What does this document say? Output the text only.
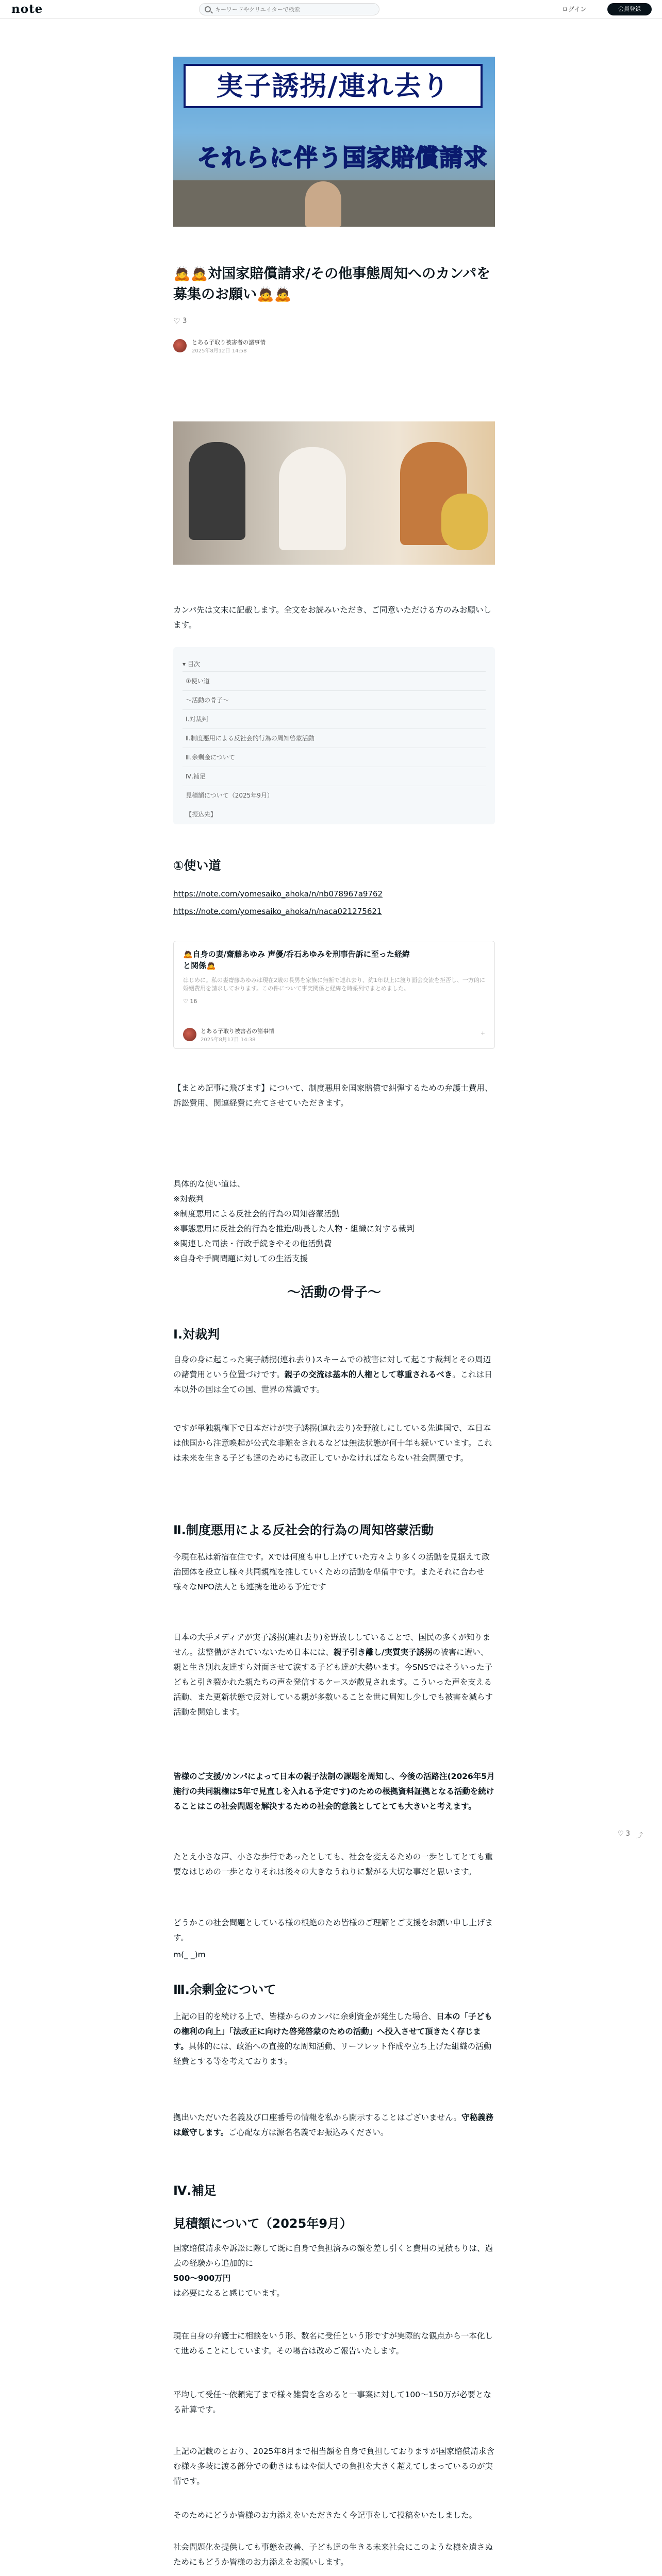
note
キーワードやクリエイターで検索	ログイン	会員登録
実子誘拐/連れ去り
それらに伴う国家賠償請求
🙇🙇対国家賠償請求/その他事態周知へのカンパを募集のお願い🙇🙇
♡ 3
とある子取り被害者の諸事情
2025年8月12日 14:58
カンパ先は文末に記載します。全文をお読みいただき、ご同意いただける方のみお願いします。
▾ 目次
①使い道
〜活動の骨子〜
Ⅰ.対裁判
Ⅱ.制度悪用による反社会的行為の周知啓蒙活動
Ⅲ.余剰金について
Ⅳ.補足
見積額について（2025年9月）
【振込先】
①使い道
https://note.com/yomesaiko_ahoka/n/nb078967a9762
https://note.com/yomesaiko_ahoka/n/naca021275621
🙇自身の妻/齋藤あゆみ 声優/呑石あゆみを刑事告訴に至った経緯と関係🙇
はじめに。私の妻齋藤あゆみは現在2歳の長男を家族に無断で連れ去り、約1年以上に渡り面会交流を拒否し、一方的に婚姻費用を請求しております。この件について事実関係と経緯を時系列でまとめました。
♡ 16
とある子取り被害者の諸事情
2025年8月17日 14:38
+
【まとめ記事に飛びます】について、制度悪用を国家賠償で糾弾するための弁護士費用、訴訟費用、関連経費に充てさせていただきます。
具体的な使い道は、
※対裁判
※制度悪用による反社会的行為の周知啓蒙活動
※事態悪用に反社会的行為を推進/助長した人物・組織に対する裁判
※関連した司法・行政手続きやその他活動費
※自身や手間問題に対しての生活支援
〜活動の骨子〜
Ⅰ.対裁判
自身の身に起こった実子誘拐(連れ去り)スキームでの被害に対して起こす裁判とその周辺の諸費用という位置づけです。親子の交流は基本的人権として尊重されるべき。これは日本以外の国は全ての国、世界の常識です。
ですが単独親権下で日本だけが実子誘拐(連れ去り)を野放しにしている先進国で、本日本は他国から注意喚起が公式な非難をされるなどは無法状態が何十年も続いています。これは未来を生きる子ども達のためにも改正していかなければならない社会問題です。
Ⅱ.制度悪用による反社会的行為の周知啓蒙活動
今現在私は新宿在住です。Xでは何度も申し上げていた方々より多くの活動を見据えて政治団体を設立し様々共同親権を推していくための活動を準備中です。またそれに合わせ様々なNPO法人とも連携を進める予定です
日本の大手メディアが実子誘拐(連れ去り)を野放ししていることで、国民の多くが知りません。法整備がされていないため日本には、親子引き離し/実質実子誘拐の被害に遭い、親と生き別れ友達すら対面させて涙する子ども達が大勢います。今SNSではそういった子どもと引き裂かれた親たちの声を発信するケースが散見されます。こういった声を支える活動、また更新状態で反対している親が多数いることを世に周知し少しでも被害を減らす活動を開始します。
皆様のご支援/カンパによって日本の親子法制の課題を周知し、今後の活路注(2026年5月施行の共同親権は5年で見直しを入れる予定です)のための根拠資料証拠となる活動を続けることはこの社会問題を解決するための社会的意義としてとても大きいと考えます。
たとえ小さな声、小さな歩行であったとしても、社会を変えるための一歩としてとても重要なはじめの一歩となりそれは後々の大きなうねりに繋がる大切な事だと思います。
どうかこの社会問題としている様の根絶のため皆様のご理解とご支援をお願い申し上げます。
m(_ _)m
♡ 3 ⤴
Ⅲ.余剰金について
上記の目的を続ける上で、皆様からのカンパに余剰資金が発生した場合、日本の「子どもの権利の向上」「法改正に向けた啓発啓蒙のための活動」へ投入させて頂きたく存じます。具体的には、政治への直接的な周知活動、リーフレット作成や立ち上げた組織の活動経費とする等を考えております。
拠出いただいた名義及び口座番号の情報を私から開示することはございません。守秘義務は厳守します。ご心配な方は源名名義でお振込みください。
Ⅳ.補足
見積額について（2025年9月）
国家賠償請求や訴訟に際して既に自身で負担済みの額を差し引くと費用の見積もりは、過去の経験から追加的に
500〜900万円
は必要になると感じています。
現在自身の弁護士に相談をいう形、数名に受任という形ですが実際的な観点から一本化して進めることにしています。その場合は改めご報告いたします。
平均して受任〜依頼完了まで様々雑費を含めると一事案に対して100〜150万が必要となる計算です。
上記の記載のとおり、2025年8月まで相当額を自身で負担しておりますが国家賠償請求含む様々多岐に渡る部分での動きはもはや個人での負担を大きく超えてしまっているのが実情です。
そのためにどうか皆様のお力添えをいただきたく今記事をして投稿をいたしました。
社会問題化を提供しても事態を改善、子ども達の生きる未来社会にこのような様を遺さぬためにもどうか皆様のお力添えをお願いします。
